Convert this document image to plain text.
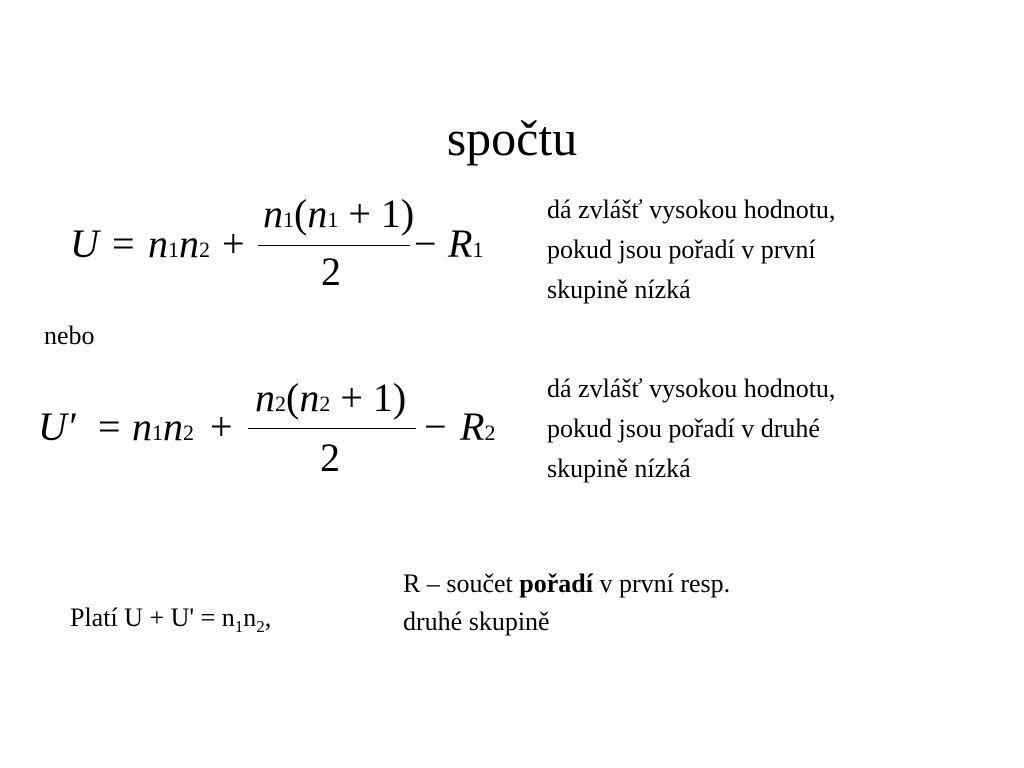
spočtu
U = n1n2 +
n1(n1 + 1)
2
− R1
dá zvlášť vysokou hodnotu,
pokud jsou pořadí v první
skupině nízká
nebo
U′ = n1n2 +
n2(n2 + 1)
2
− R2
dá zvlášť vysokou hodnotu,
pokud jsou pořadí v druhé
skupině nízká
Platí $U + U' = n_1n_2$,
R – součet pořadí v první resp.
druhé skupině
